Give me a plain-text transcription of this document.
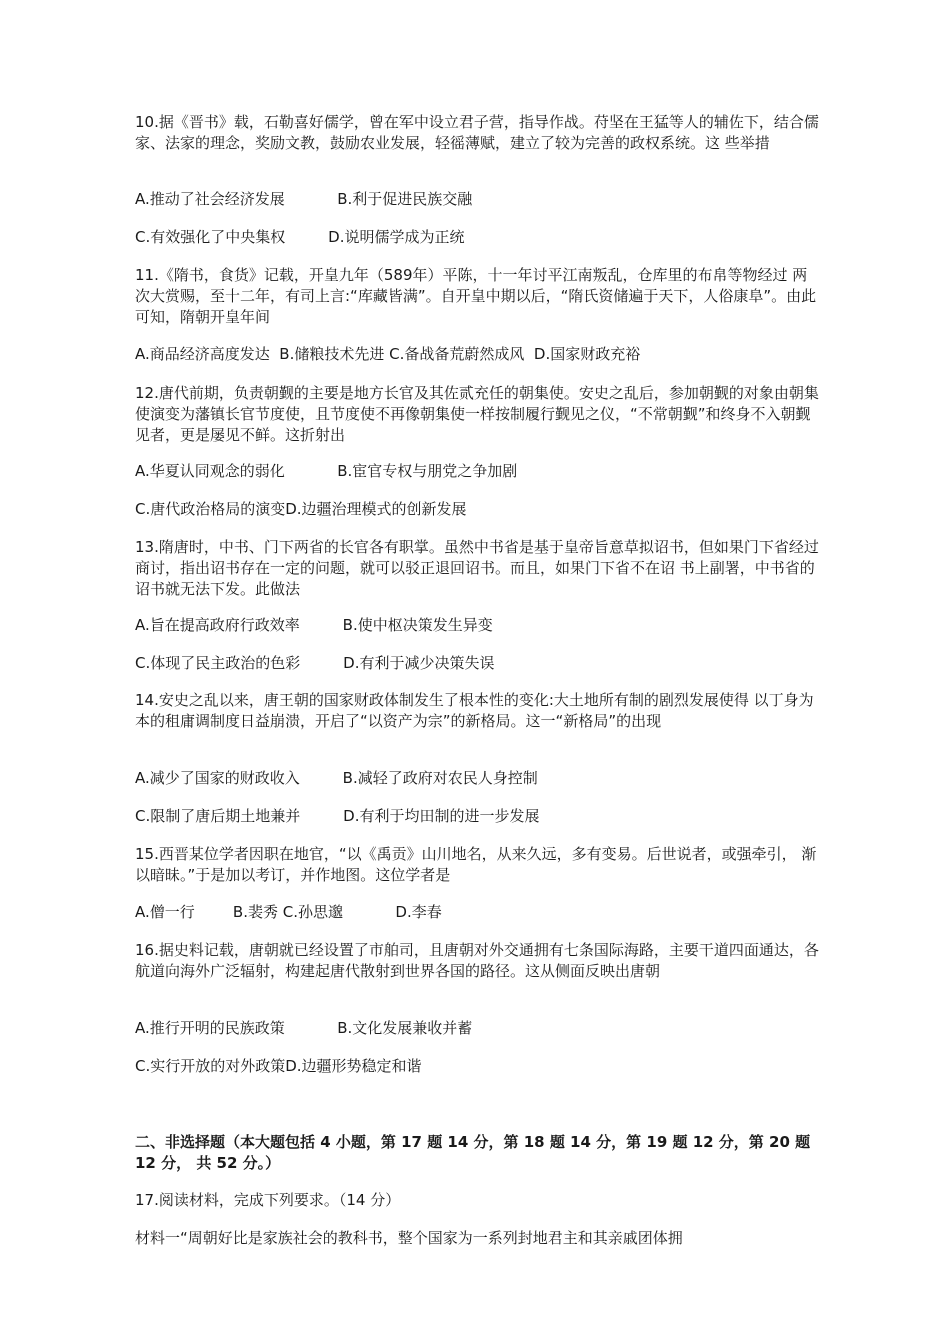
10.据《晋书》载，石勒喜好儒学，曾在军中设立君子营，指导作战。苻坚在王猛等人的辅佐下，结合儒家、法家的理念，奖励文教，鼓励农业发展，轻徭薄赋，建立了较为完善的政权系统。这 些举措

A.推动了社会经济发展           B.利于促进民族交融

C.有效强化了中央集权         D.说明儒学成为正统

11.《隋书，食货》记载，开皇九年（589年）平陈，十一年讨平江南叛乱，仓库里的布帛等物经过 两次大赏赐，至十二年，有司上言:“库藏皆满”。自开皇中期以后，“隋氏资储遍于天下，人俗康阜”。由此可知，隋朝开皇年间

A.商品经济高度发达  B.储粮技术先进 C.备战备荒蔚然成风  D.国家财政充裕

12.唐代前期，负责朝觐的主要是地方长官及其佐贰充任的朝集使。安史之乱后，参加朝觐的对象由朝集使演变为藩镇长官节度使，且节度使不再像朝集使一样按制履行觐见之仪，“不常朝觐”和终身不入朝觐见者，更是屡见不鲜。这折射出

A.华夏认同观念的弱化           B.宦官专权与朋党之争加剧

C.唐代政治格局的演变D.边疆治理模式的创新发展

13.隋唐时，中书、门下两省的长官各有职掌。虽然中书省是基于皇帝旨意草拟诏书，但如果门下省经过商讨，指出诏书存在一定的问题，就可以驳正退回诏书。而且，如果门下省不在诏 书上副署，中书省的诏书就无法下发。此做法

A.旨在提高政府行政效率         B.使中枢决策发生异变

C.体现了民主政治的色彩         D.有利于减少决策失误

14.安史之乱以来，唐王朝的国家财政体制发生了根本性的变化:大土地所有制的剧烈发展使得 以丁身为本的租庸调制度日益崩溃，开启了“以资产为宗”的新格局。这一“新格局”的出现

A.减少了国家的财政收入         B.减轻了政府对农民人身控制

C.限制了唐后期土地兼并         D.有利于均田制的进一步发展

15.西晋某位学者因职在地官，“以《禹贡》山川地名，从来久远，多有变易。后世说者，或强牵引， 渐以暗昧。”于是加以考订，并作地图。这位学者是

A.僧一行        B.裴秀 C.孙思邈           D.李春

16.据史料记载，唐朝就已经设置了市舶司，且唐朝对外交通拥有七条国际海路，主要干道四面通达，各航道向海外广泛辐射，构建起唐代散射到世界各国的路径。这从侧面反映出唐朝

A.推行开明的民族政策           B.文化发展兼收并蓄

C.实行开放的对外政策D.边疆形势稳定和谐

二、非选择题（本大题包括 4 小题，第 17 题 14 分，第 18 题 14 分，第 19 题 12 分，第 20 题 12 分， 共 52 分。）

17.阅读材料，完成下列要求。（14 分）

材料一“周朝好比是家族社会的教科书，整个国家为一系列封地君主和其亲戚团体拥
